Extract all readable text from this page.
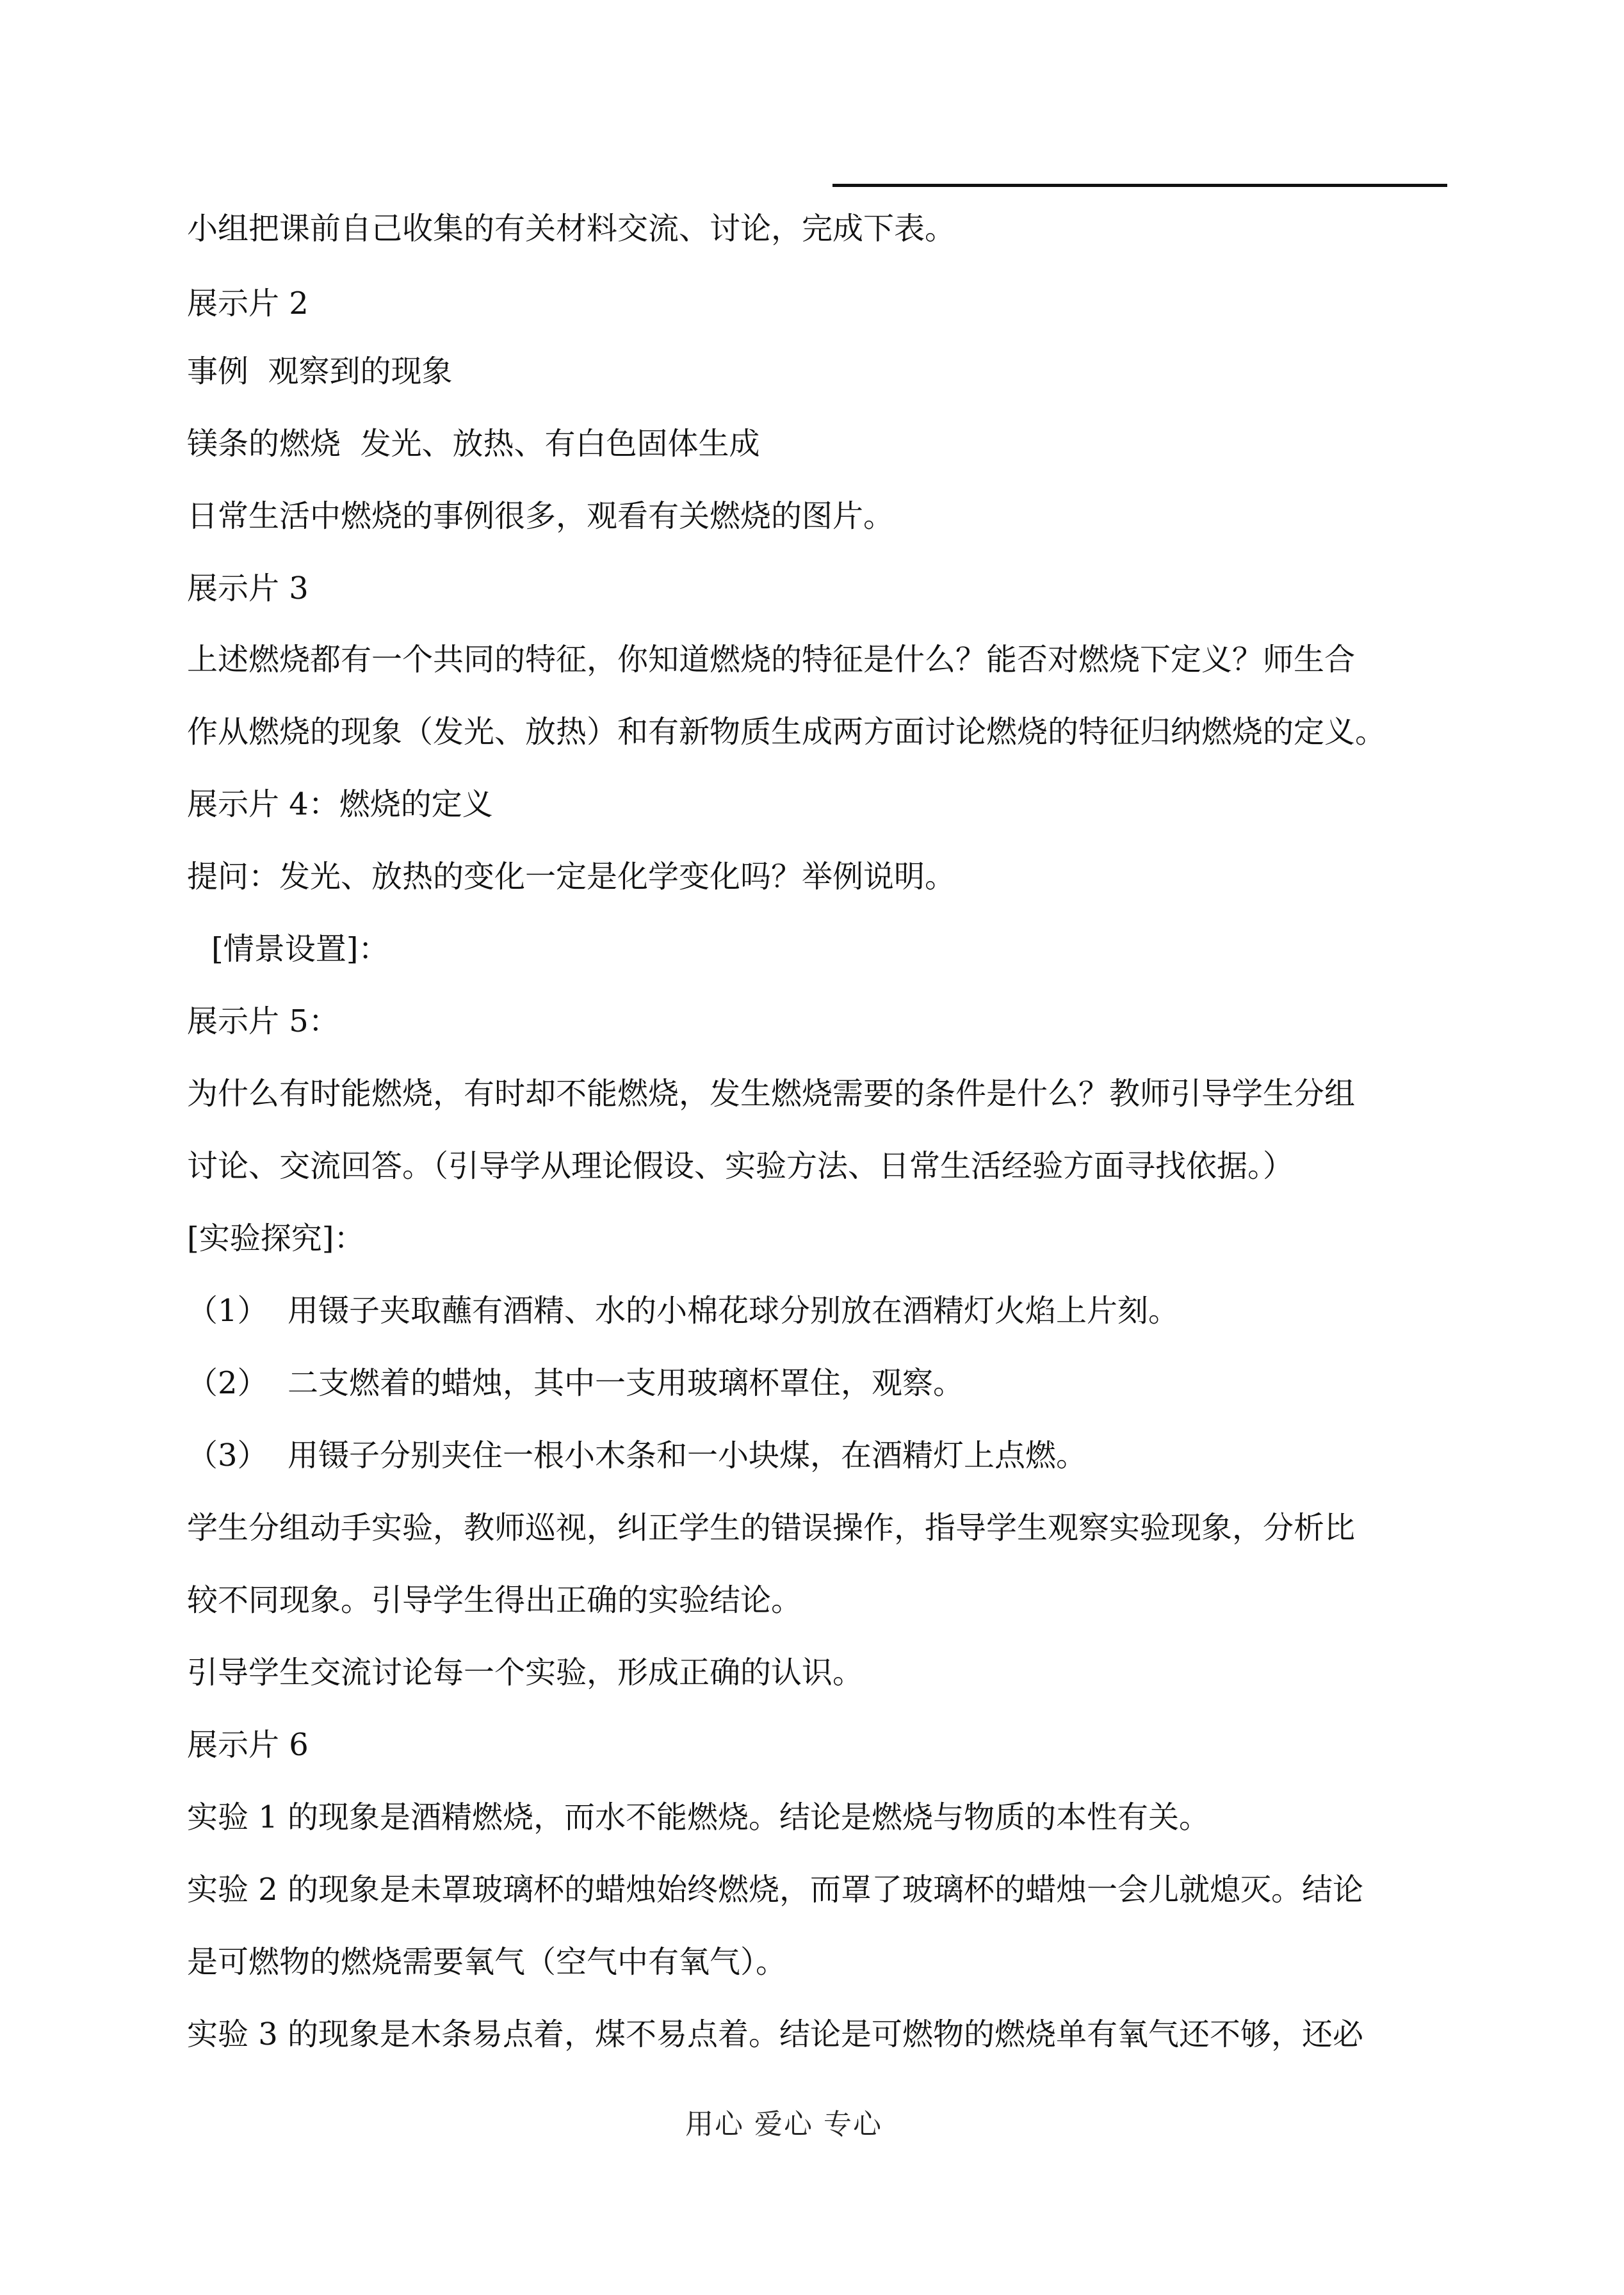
小组把课前自己收集的有关材料交流、讨论，完成下表。
展示片 2
事例  观察到的现象
镁条的燃烧  发光、放热、有白色固体生成
日常生活中燃烧的事例很多，观看有关燃烧的图片。
展示片 3
上述燃烧都有一个共同的特征，你知道燃烧的特征是什么？能否对燃烧下定义？师生合
作从燃烧的现象（发光、放热）和有新物质生成两方面讨论燃烧的特征归纳燃烧的定义。
展示片 4：燃烧的定义
提问：发光、放热的变化一定是化学变化吗？举例说明。
[情景设置]：
展示片 5：
为什么有时能燃烧，有时却不能燃烧，发生燃烧需要的条件是什么？教师引导学生分组
讨论、交流回答。（引导学从理论假设、实验方法、日常生活经验方面寻找依据。）
[实验探究]：
（1）  用镊子夹取蘸有酒精、水的小棉花球分别放在酒精灯火焰上片刻。
（2）  二支燃着的蜡烛，其中一支用玻璃杯罩住，观察。
（3）  用镊子分别夹住一根小木条和一小块煤，在酒精灯上点燃。
学生分组动手实验，教师巡视，纠正学生的错误操作，指导学生观察实验现象，分析比
较不同现象。引导学生得出正确的实验结论。
引导学生交流讨论每一个实验，形成正确的认识。
展示片 6
实验 1 的现象是酒精燃烧，而水不能燃烧。结论是燃烧与物质的本性有关。
实验 2 的现象是未罩玻璃杯的蜡烛始终燃烧，而罩了玻璃杯的蜡烛一会儿就熄灭。结论
是可燃物的燃烧需要氧气（空气中有氧气）。
实验 3 的现象是木条易点着，煤不易点着。结论是可燃物的燃烧单有氧气还不够，还必
用心 爱心 专心
